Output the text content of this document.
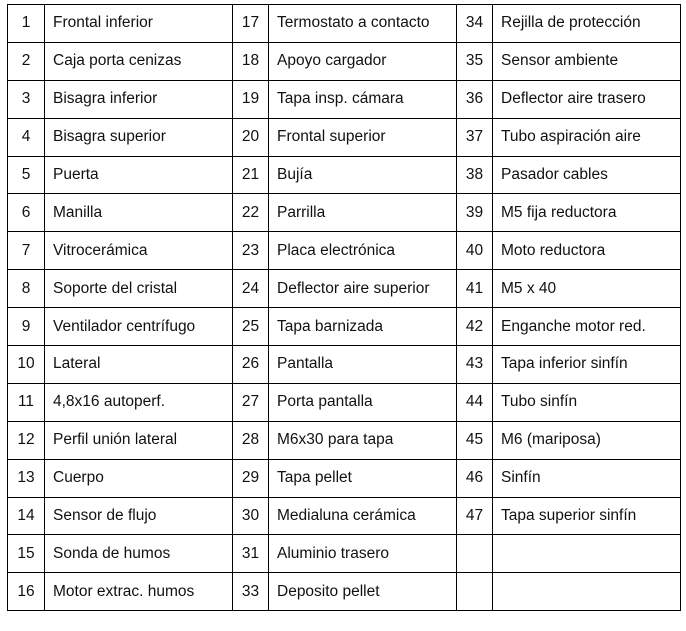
1	Frontal inferior	17	Termostato a contacto	34	Rejilla de protección
2	Caja porta cenizas	18	Apoyo cargador	35	Sensor ambiente
3	Bisagra inferior	19	Tapa insp. cámara	36	Deflector aire trasero
4	Bisagra superior	20	Frontal superior	37	Tubo aspiración aire
5	Puerta	21	Bujía	38	Pasador cables
6	Manilla	22	Parrilla	39	M5 fija reductora
7	Vitrocerámica	23	Placa electrónica	40	Moto reductora
8	Soporte del cristal	24	Deflector aire superior	41	M5 x 40
9	Ventilador centrífugo	25	Tapa barnizada	42	Enganche motor red.
10	Lateral	26	Pantalla	43	Tapa inferior sinfín
11	4,8x16 autoperf.	27	Porta pantalla	44	Tubo sinfín
12	Perfil unión lateral	28	M6x30 para tapa	45	M6 (mariposa)
13	Cuerpo	29	Tapa pellet	46	Sinfín
14	Sensor de flujo	30	Medialuna cerámica	47	Tapa superior sinfín
15	Sonda de humos	31	Aluminio trasero		
16	Motor extrac. humos	33	Deposito pellet		
